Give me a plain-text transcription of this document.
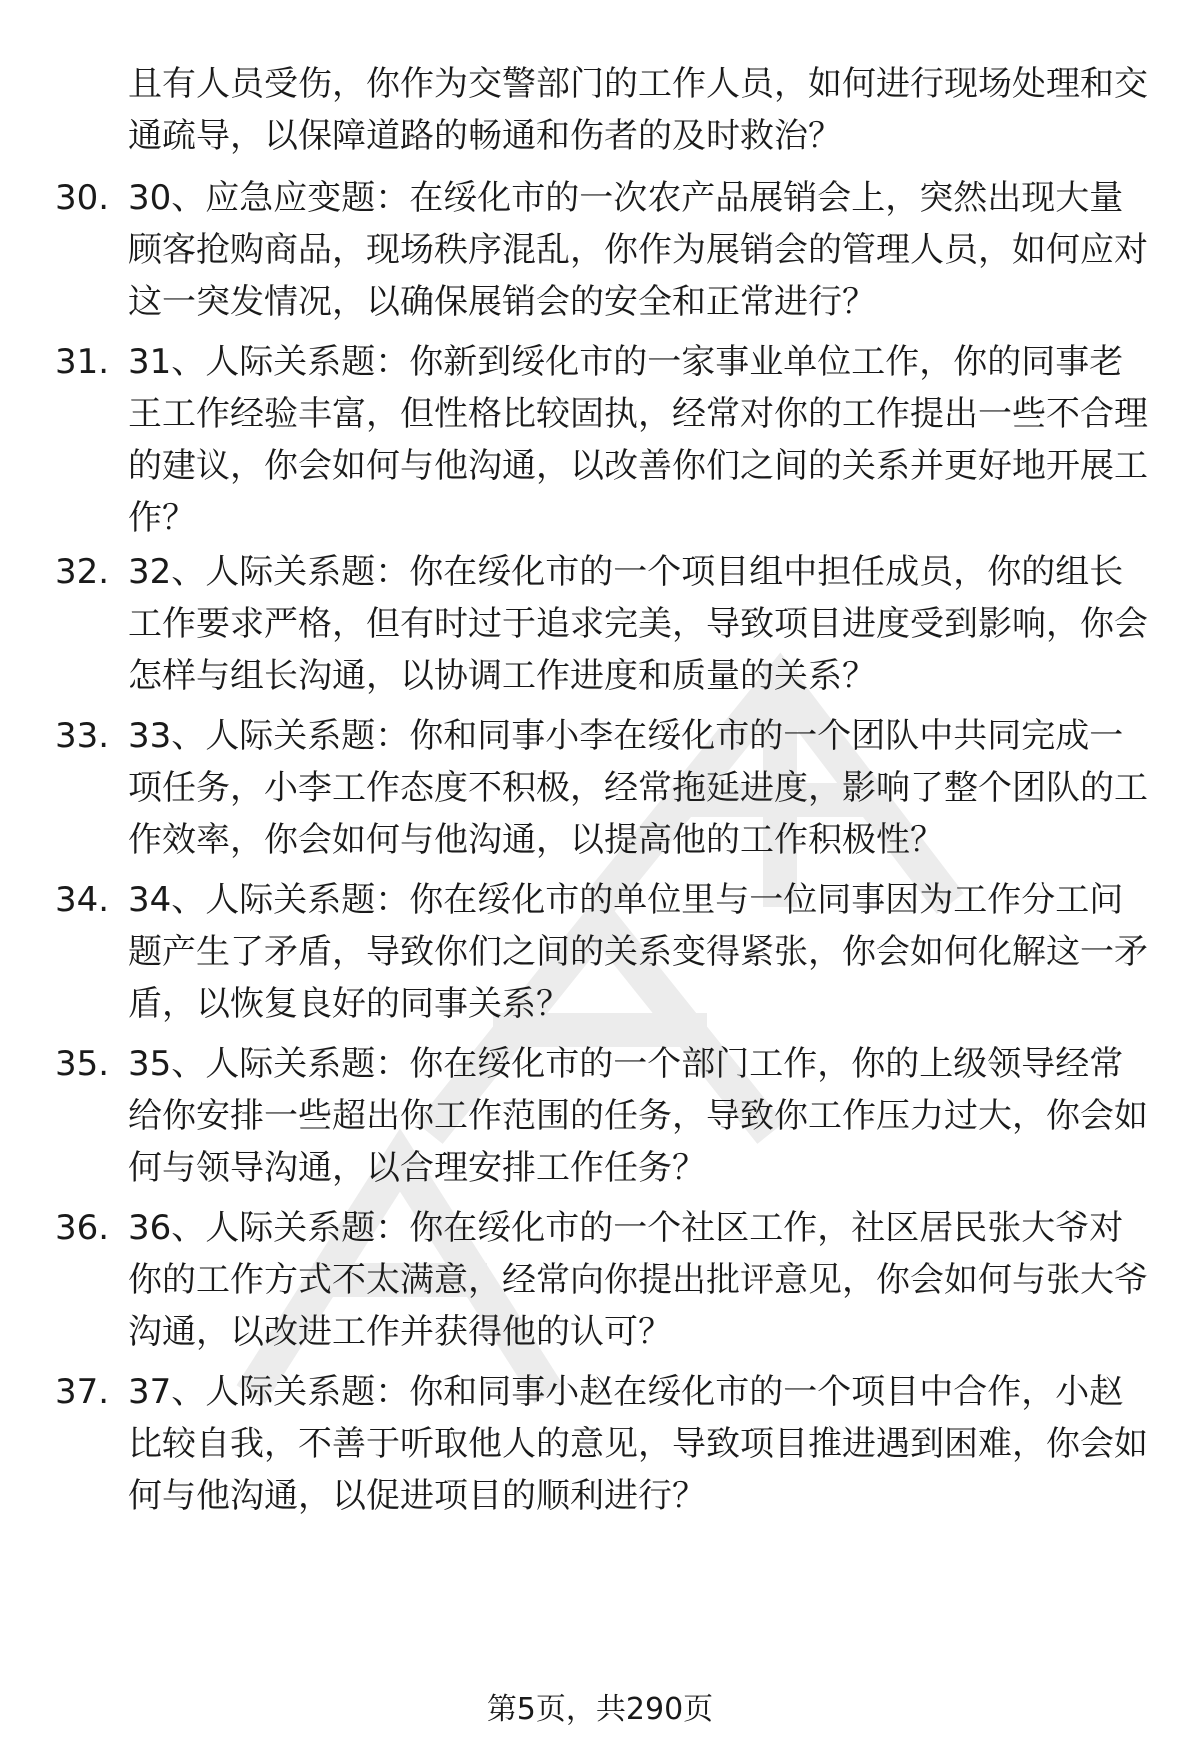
且有人员受伤，你作为交警部门的工作人员，如何进行现场处理和交通疏导，以保障道路的畅通和伤者的及时救治？
30. 30、应急应变题：在绥化市的一次农产品展销会上，突然出现大量顾客抢购商品，现场秩序混乱，你作为展销会的管理人员，如何应对这一突发情况，以确保展销会的安全和正常进行？
31. 31、人际关系题：你新到绥化市的一家事业单位工作，你的同事老王工作经验丰富，但性格比较固执，经常对你的工作提出一些不合理的建议，你会如何与他沟通，以改善你们之间的关系并更好地开展工作？
32. 32、人际关系题：你在绥化市的一个项目组中担任成员，你的组长工作要求严格，但有时过于追求完美，导致项目进度受到影响，你会怎样与组长沟通，以协调工作进度和质量的关系？
33. 33、人际关系题：你和同事小李在绥化市的一个团队中共同完成一项任务，小李工作态度不积极，经常拖延进度，影响了整个团队的工作效率，你会如何与他沟通，以提高他的工作积极性？
34. 34、人际关系题：你在绥化市的单位里与一位同事因为工作分工问题产生了矛盾，导致你们之间的关系变得紧张，你会如何化解这一矛盾，以恢复良好的同事关系？
35. 35、人际关系题：你在绥化市的一个部门工作，你的上级领导经常给你安排一些超出你工作范围的任务，导致你工作压力过大，你会如何与领导沟通，以合理安排工作任务？
36. 36、人际关系题：你在绥化市的一个社区工作，社区居民张大爷对你的工作方式不太满意，经常向你提出批评意见，你会如何与张大爷沟通，以改进工作并获得他的认可？
37. 37、人际关系题：你和同事小赵在绥化市的一个项目中合作，小赵比较自我，不善于听取他人的意见，导致项目推进遇到困难，你会如何与他沟通，以促进项目的顺利进行？
第5页，共290页
